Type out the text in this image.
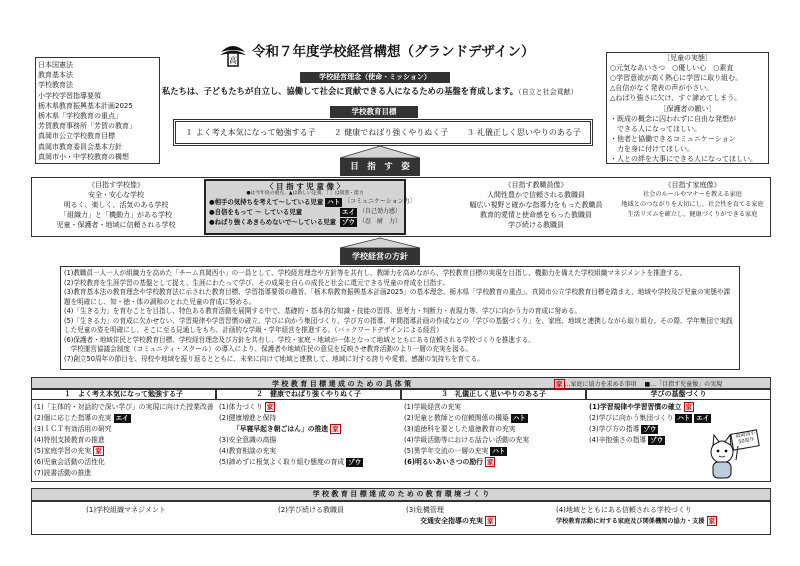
高
令和７年度学校経営構想（グランドデザイン）
日本国憲法
教育基本法
学校教育法
小学校学習指導要領
栃木県教育振興基本計画2025
栃木県「学校教育の重点」
芳賀教育事務所「芳賀の教育」
真岡市公立学校教育目標
真岡市教育委員会基本方針
真岡市小・中学校教育の構想
学校経営理念（使命・ミッション）
私たちは、子どもたちが自立し、協働して社会に貢献できる人になるための基盤を育成します。（自立と社会貢献）
［児童の実態］
○元気なあいさつ　○優しい心　○素直
○学習意欲が高く熱心に学習に取り組む。
△自信がなく発表の声が小さい。
△ねばり強さに欠け、すぐ諦めてしまう。
［保護者の願い］
・既成の概念に囚われずに自由な発想が
　できる人になってほしい。
・他者と協働できるコミュニケーション
　力を身に付けてほしい。
・人との絆を大事にできる人になってほしい。
学校教育目標
１ よく考え本気になって勉強する子 ２ 健康でねばり強くやりぬく子 ３ 礼儀正しく思いやりのある子
目　指　す　姿
《目指す学校像》
安全・安心な学校
明るく、楽しく、活気のある学校
「組織力」と「機動力」がある学校
児童・保護者・地域に信頼される学校
〈 目 指 す 児 童 像 〉
●は今年度の重点、▲は新しい定義、〔 〕は資質・能力
●相手の気持ちを考えて～している児童 ハト 〔コミュニケーション力〕
●自信をもって ～ している児童	エイ （自己効力感）
●ねばり強くあきらめないで～している児童 ゾウ （忍　耐　力）
《目指す教職員像》
人間性豊かで信頼される教職員
幅広い視野と確かな指導力をもった教職員
教育的愛情と使命感をもった教職員
学び続ける教職員
《目指す家庭像》
社会のルールやマナーを教える家庭
地域とのつながりを大切にし、社会性を育てる家庭
生活リズムを確立し、健康づくりができる家庭
学校経営の方針
(1)教職員一人一人が組織力を高めた「チーム真岡西小」の一員として、学校経営理念や方針等を共有し、教師力を高めながら、学校教育目標の実現を目指し、機動力を備えた学校組織マネジメントを推進する。
(2)学校教育を生涯学習の基盤として捉え、生涯にわたって学び、その成果を自らの成長と社会に還元できる児童の育成を目指す。
(3)教育基本法の教育理念や学校教育法に示された教育目標、学習指導要領の趣旨、「栃木県教育振興基本計画2025」の基本理念、栃木県「学校教育の重点」、真岡市公立学校教育目標を踏まえ、地域や学校及び児童の実態や課題を明確にし、知・徳・体の調和のとれた児童の育成に努める。
(4)「生きる力」を育むことを目指し、特色ある教育活動を展開する中で、基礎的・基本的な知識・技能の習得、思考力・判断力・表現力等、学びに向かう力の育成に努める。
(5)「生きる力」の育成に欠かせない、学習規律や学習習慣の確立、学びに向かう集団づくり、学び方の指導、年間指導計画の作成などの「学びの基盤づくり」を、家庭、地域と連携しながら取り組む。その際、学年集団で実践した児童の姿を明確にし、そこに至る見通しをもち、計画的な学級・学年経営を推進する。（バックワードデザインによる経営）
(6)保護者・地域住民と学校教育目標、学校経営理念及び方針を共有し、学校・家庭・地域が一体となって地域とともにある信頼される学校づくりを推進する。
　学校運営協議会制度（コミュニティ・スクール）の導入により、保護者や地域住民の意見を反映させ教育活動のより一層の充実を図る。
(7)創立50周年の節目を、母校や地域を振り返るとともに、未来に向けて地域と連携して、地域に対する誇りや愛着、感謝の気持ちを育てる。
学 校 教 育 目 標 達 成 の た め の 具 体 策	家 …家庭に協力を求める事項 ■…「目指す児童像」の実現
１　よく考え本気になって勉強する子
(1)「主体的・対話的で深い学び」の実現に向けた授業改善
(2)個に応じた指導の充実 エイ
(3)ＩＣＴ有効活用の研究
(4)特別支援教育の推進
(5)家庭学習の充実 家
(6)児童会活動の活性化
(7)読書活動の推進
２　健康でねばり強くやりぬく子
(1)体力づくり 家
(2)健康増進と保持
「早寝早起き朝ごはん」の推進 家
(3)安全意識の高揚
(4)教育相談の充実
(5)諦めずに根気よく取り組む態度の育成 ゾウ
３　礼儀正しく思いやりのある子
(1)学級経営の充実
(2)児童と教師との信頼関係の構築 ハト
(3)道徳科を要とした道徳教育の充実
(4)学級活動等における話合い活動の充実
(5)異学年交流の一層の充実 ハト
(6)明るいあいさつの励行 家
学びの基盤づくり
(1)学習規律や学習習慣の確立 家
(2)学びに向かう集団づくり ハト エイ
(3)学び方の指導 ゾウ
(4)辛抱強さの指導 ゾウ
真岡西小
50周年
学 校 教 育 目 標 達 成 の た め の 教 育 環 境 づ く り
(1)学校組織マネジメント	(2)学び続ける教職員	(3)危機管理
交通安全指導の充実 家
(4)地域とともにある信頼される学校づくり
学校教育活動に対する家庭及び関係機関の協力・支援 家
